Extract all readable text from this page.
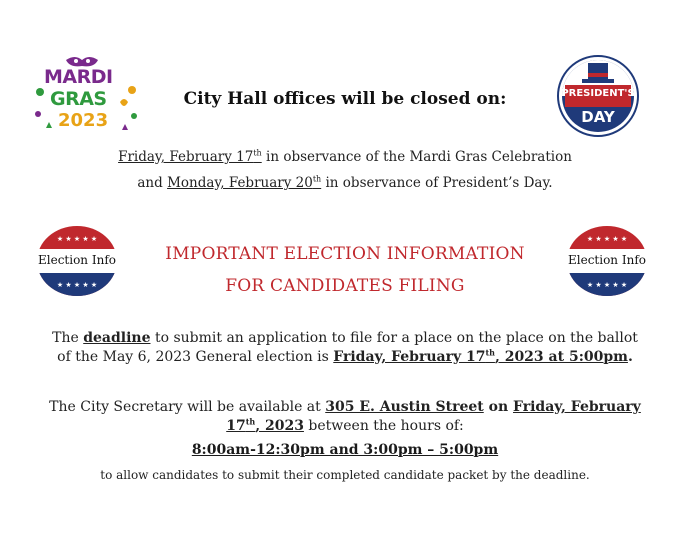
MARDI
GRAS
2023
PRESIDENT'S
DAY
City Hall offices will be closed on:
Friday, February 17th in observance of the Mardi Gras Celebration
and Monday, February 20th in observance of President’s Day.
★ ★ ★ ★ ★
★ ★ ★ ★ ★
Election Info
★ ★ ★ ★ ★
★ ★ ★ ★ ★
Election Info
IMPORTANT ELECTION INFORMATION
FOR CANDIDATES FILING
The deadline to submit an application to file for a place on the place on the ballot
of the May 6, 2023 General election is Friday, February 17th, 2023 at 5:00pm.
The City Secretary will be available at 305 E. Austin Street on Friday, February
17th, 2023 between the hours of:
8:00am-12:30pm and 3:00pm – 5:00pm
to allow candidates to submit their completed candidate packet by the deadline.
